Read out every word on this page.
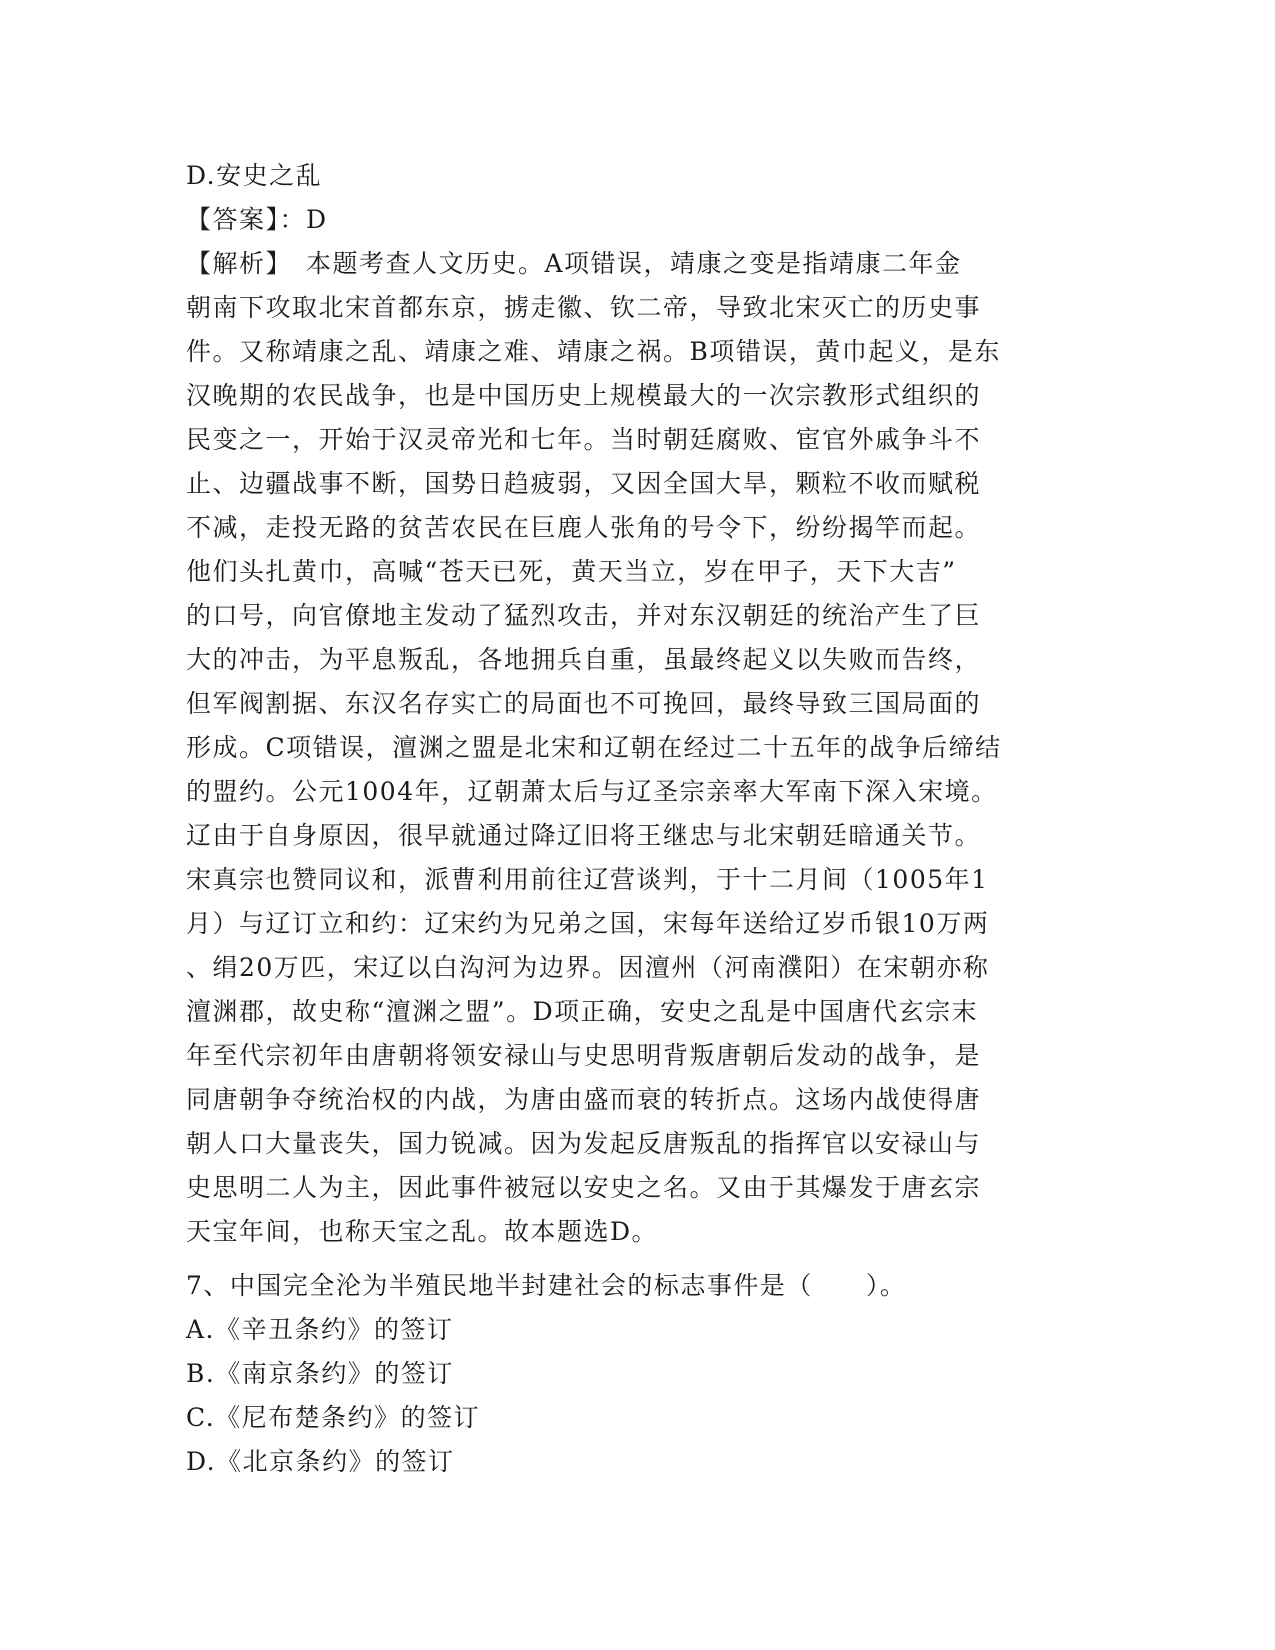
D.安史之乱
【答案】：D
【解析】　本题考查人文历史。A项错误，靖康之变是指靖康二年金
朝南下攻取北宋首都东京，掳走徽、钦二帝，导致北宋灭亡的历史事
件。又称靖康之乱、靖康之难、靖康之祸。B项错误，黄巾起义，是东
汉晚期的农民战争，也是中国历史上规模最大的一次宗教形式组织的
民变之一，开始于汉灵帝光和七年。当时朝廷腐败、宦官外戚争斗不
止、边疆战事不断，国势日趋疲弱，又因全国大旱，颗粒不收而赋税
不减，走投无路的贫苦农民在巨鹿人张角的号令下，纷纷揭竿而起。
他们头扎黄巾，高喊“苍天已死，黄天当立，岁在甲子，天下大吉”
的口号，向官僚地主发动了猛烈攻击，并对东汉朝廷的统治产生了巨
大的冲击，为平息叛乱，各地拥兵自重，虽最终起义以失败而告终，
但军阀割据、东汉名存实亡的局面也不可挽回，最终导致三国局面的
形成。C项错误，澶渊之盟是北宋和辽朝在经过二十五年的战争后缔结
的盟约。公元1004年，辽朝萧太后与辽圣宗亲率大军南下深入宋境。
辽由于自身原因，很早就通过降辽旧将王继忠与北宋朝廷暗通关节。
宋真宗也赞同议和，派曹利用前往辽营谈判，于十二月间（1005年1
月）与辽订立和约：辽宋约为兄弟之国，宋每年送给辽岁币银10万两
、绢20万匹，宋辽以白沟河为边界。因澶州（河南濮阳）在宋朝亦称
澶渊郡，故史称“澶渊之盟”。D项正确，安史之乱是中国唐代玄宗末
年至代宗初年由唐朝将领安禄山与史思明背叛唐朝后发动的战争，是
同唐朝争夺统治权的内战，为唐由盛而衰的转折点。这场内战使得唐
朝人口大量丧失，国力锐减。因为发起反唐叛乱的指挥官以安禄山与
史思明二人为主，因此事件被冠以安史之名。又由于其爆发于唐玄宗
天宝年间，也称天宝之乱。故本题选D。
7、中国完全沦为半殖民地半封建社会的标志事件是（　　）。
A.《辛丑条约》的签订
B.《南京条约》的签订
C.《尼布楚条约》的签订
D.《北京条约》的签订
